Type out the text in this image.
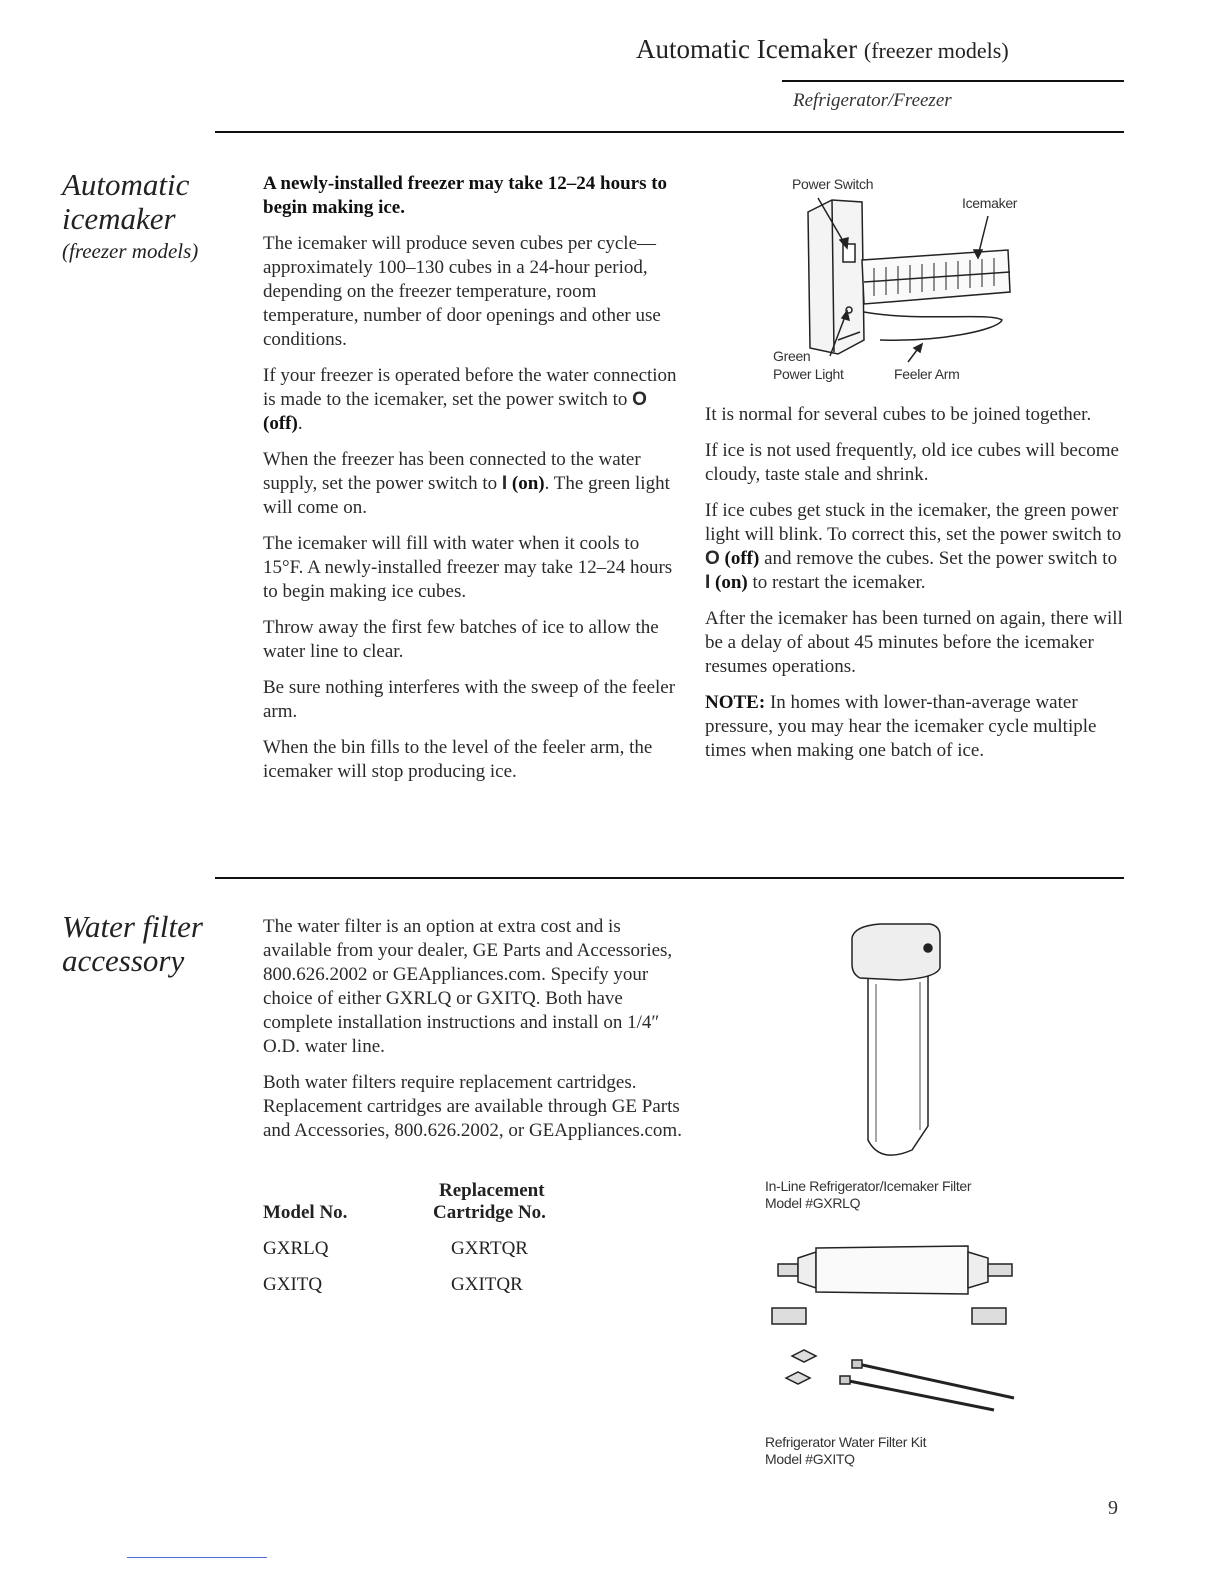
Automatic Icemaker (freezer models)
Refrigerator/Freezer
Automatic
icemaker
(freezer models)

A newly-installed freezer may take 12–24 hours to begin making ice.

The icemaker will produce seven cubes per cycle—approximately 100–130 cubes in a 24-hour period, depending on the freezer temperature, room temperature, number of door openings and other use conditions.

If your freezer is operated before the water connection is made to the icemaker, set the power switch to O (off).

When the freezer has been connected to the water supply, set the power switch to I (on). The green light will come on.

The icemaker will fill with water when it cools to 15°F. A newly-installed freezer may take 12–24 hours to begin making ice cubes.

Throw away the first few batches of ice to allow the water line to clear.

Be sure nothing interferes with the sweep of the feeler arm.

When the bin fills to the level of the feeler arm, the icemaker will stop producing ice.

Power Switch
Icemaker
Green
Power Light	Feeler Arm

It is normal for several cubes to be joined together.

If ice is not used frequently, old ice cubes will become cloudy, taste stale and shrink.

If ice cubes get stuck in the icemaker, the green power light will blink. To correct this, set the power switch to O (off) and remove the cubes. Set the power switch to I (on) to restart the icemaker.

After the icemaker has been turned on again, there will be a delay of about 45 minutes before the icemaker resumes operations.

NOTE: In homes with lower-than-average water pressure, you may hear the icemaker cycle multiple times when making one batch of ice.

Water filter
accessory

The water filter is an option at extra cost and is available from your dealer, GE Parts and Accessories, 800.626.2002 or GEAppliances.com. Specify your choice of either GXRLQ or GXITQ. Both have complete installation instructions and install on 1/4″ O.D. water line.

Both water filters require replacement cartridges. Replacement cartridges are available through GE Parts and Accessories, 800.626.2002, or GEAppliances.com.

Model No.	Replacement
Cartridge No.

GXRLQ	GXRTQR
GXITQ	GXITQR
In-Line Refrigerator/Icemaker Filter
Model #GXRLQ
Refrigerator Water Filter Kit
Model #GXITQ
9
